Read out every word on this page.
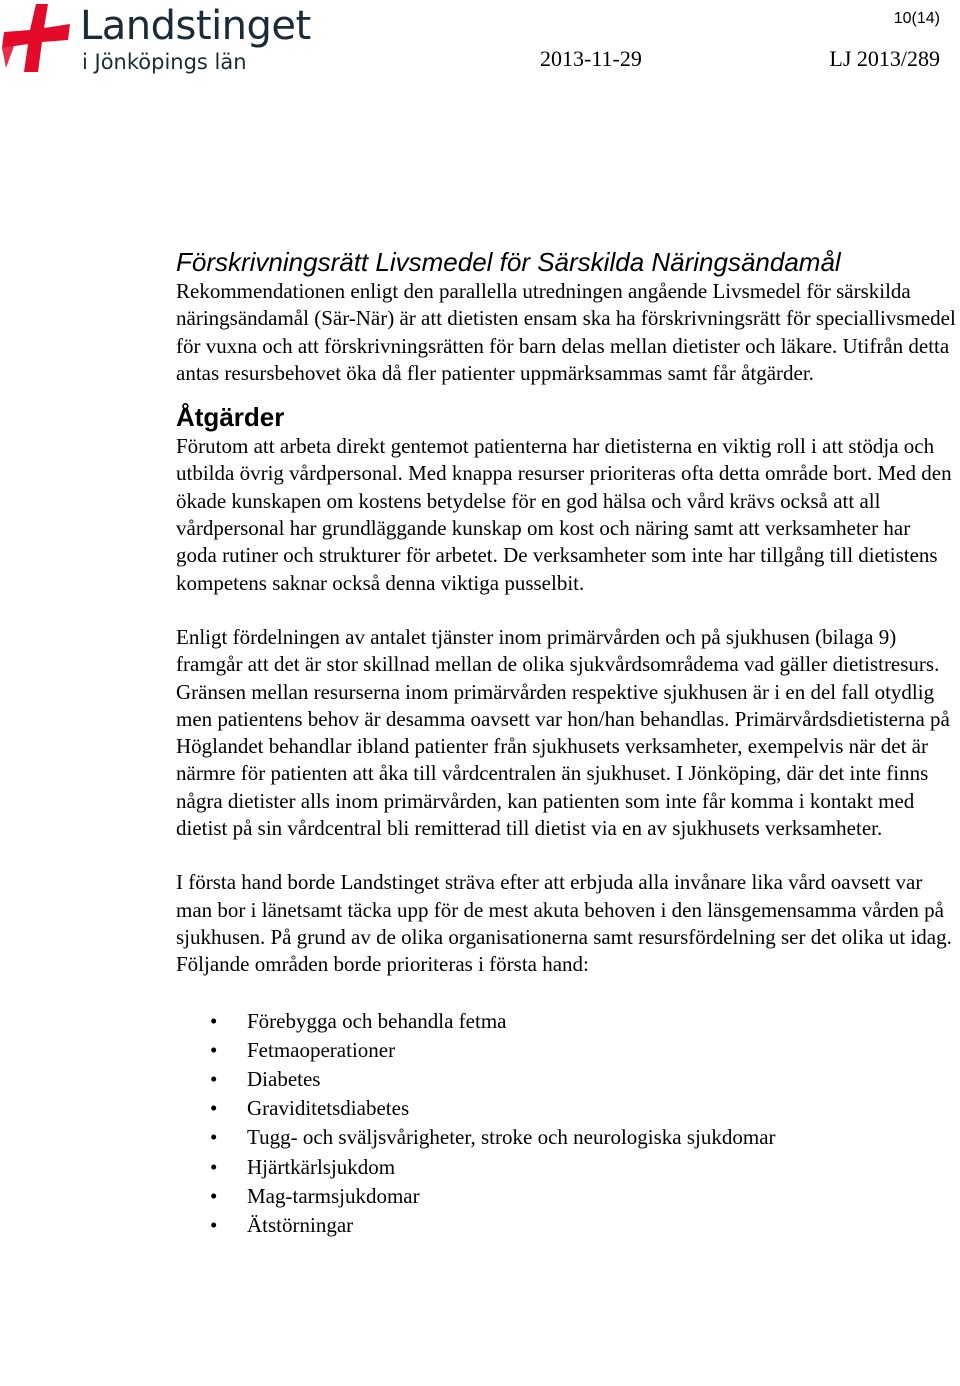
Landstinget
i Jönköpings län
10(14)
2013-11-29	LJ 2013/289
Förskrivningsrätt Livsmedel för Särskilda Näringsändamål

Rekommendationen enligt den parallella utredningen angående Livsmedel för särskilda näringsändamål (Sär-När) är att dietisten ensam ska ha förskrivningsrätt för speciallivsmedel för vuxna och att förskrivningsrätten för barn delas mellan dietister och läkare. Utifrån detta antas resursbehovet öka då fler patienter uppmärksammas samt får åtgärder.

Åtgärder

Förutom att arbeta direkt gentemot patienterna har dietisterna en viktig roll i att stödja och utbilda övrig vårdpersonal. Med knappa resurser prioriteras ofta detta område bort. Med den ökade kunskapen om kostens betydelse för en god hälsa och vård krävs också att all vårdpersonal har grundläggande kunskap om kost och näring samt att verksamheter har goda rutiner och strukturer för arbetet. De verksamheter som inte har tillgång till dietistens kompetens saknar också denna viktiga pusselbit.

Enligt fördelningen av antalet tjänster inom primärvården och på sjukhusen (bilaga 9) framgår att det är stor skillnad mellan de olika sjukvårdsområdema vad gäller dietistresurs. Gränsen mellan resurserna inom primärvården respektive sjukhusen är i en del fall otydlig men patientens behov är desamma oavsett var hon/han behandlas. Primärvårdsdietisterna på Höglandet behandlar ibland patienter från sjukhusets verksamheter, exempelvis när det är närmre för patienten att åka till vårdcentralen än sjukhuset. I Jönköping, där det inte finns några dietister alls inom primärvården, kan patienten som inte får komma i kontakt med dietist på sin vårdcentral bli remitterad till dietist via en av sjukhusets verksamheter.

I första hand borde Landstinget sträva efter att erbjuda alla invånare lika vård oavsett var man bor i länetsamt täcka upp för de mest akuta behoven i den länsgemensamma vården på sjukhusen. På grund av de olika organisationerna samt resursfördelning ser det olika ut idag. Följande områden borde prioriteras i första hand:

• Förebygga och behandla fetma
• Fetmaoperationer
• Diabetes
• Graviditetsdiabetes
• Tugg- och sväljsvårigheter, stroke och neurologiska sjukdomar
• Hjärtkärlsjukdom
• Mag-tarmsjukdomar
• Ätstörningar
